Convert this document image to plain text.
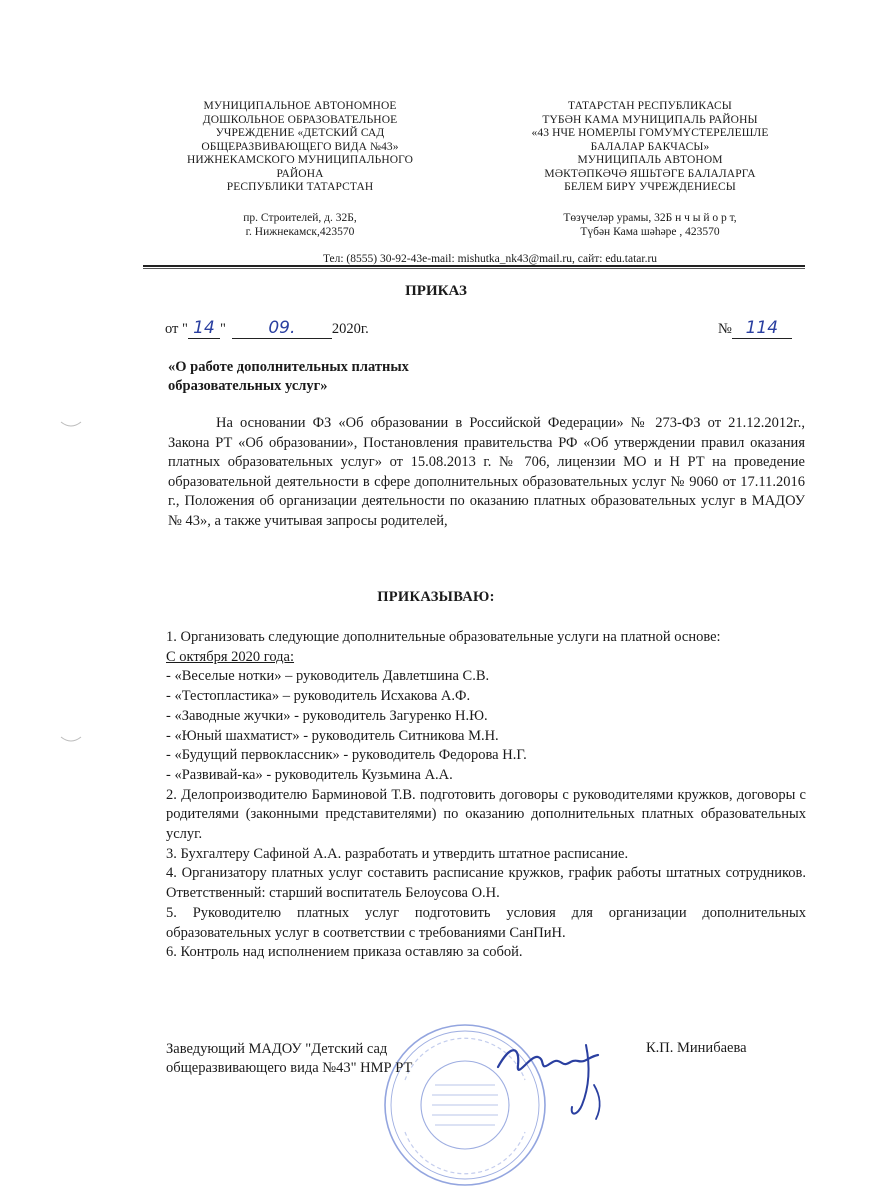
МУНИЦИПАЛЬНОЕ АВТОНОМНОЕ
ДОШКОЛЬНОЕ ОБРАЗОВАТЕЛЬНОЕ
УЧРЕЖДЕНИЕ «ДЕТСКИЙ САД
ОБЩЕРАЗВИВАЮЩЕГО ВИДА №43»
НИЖНЕКАМСКОГО МУНИЦИПАЛЬНОГО
РАЙОНА
РЕСПУБЛИКИ ТАТАРСТАН
ТАТАРСТАН РЕСПУБЛИКАСЫ
ТҮБӘН КАМА МУНИЦИПАЛЬ РАЙОНЫ
«43 НЧЕ НОМЕРЛЫ ГОМУМҮСТЕРЕЛЕШЛЕ
БАЛАЛАР БАКЧАСЫ»
МУНИЦИПАЛЬ АВТОНОМ
МӘКТӘПКӘЧӘ ЯШЬТӘГЕ БАЛАЛАРГА
БЕЛЕМ БИРҮ УЧРЕЖДЕНИЕСЫ
пр. Строителей, д. 32Б,
г. Нижнекамск,423570
Төзүчеләр урамы, 32Б н ч ы й о р т,
Түбән Кама шәһәре , 423570
Тел: (8555) 30-92-43e-mail: mishutka_nk43@mail.ru, сайт: edu.tatar.ru
ПРИКАЗ
от " 14 " 09.	2020г.	№ 114
«О работе дополнительных платных
образовательных услуг»
На основании ФЗ «Об образовании в Российской Федерации» № 273-ФЗ от 21.12.2012г., Закона РТ «Об образовании», Постановления правительства РФ «Об утверждении правил оказания платных образовательных услуг» от 15.08.2013 г. № 706, лицензии МО и Н РТ на проведение образовательной деятельности в сфере дополнительных образовательных услуг № 9060 от 17.11.2016 г., Положения об организации деятельности по оказанию платных образовательных услуг в МАДОУ № 43», а также учитывая запросы родителей,
ПРИКАЗЫВАЮ:
1. Организовать следующие дополнительные образовательные услуги на платной основе:
С октября 2020 года:
- «Веселые нотки» – руководитель Давлетшина С.В.
- «Тестопластика» – руководитель Исхакова А.Ф.
- «Заводные жучки» - руководитель Загуренко Н.Ю.
- «Юный шахматист» - руководитель Ситникова М.Н.
- «Будущий первоклассник» - руководитель Федорова Н.Г.
- «Развивай-ка» - руководитель Кузьмина А.А.
2. Делопроизводителю Барминовой Т.В. подготовить договоры с руководителями кружков, договоры с родителями (законными представителями) по оказанию дополнительных платных образовательных услуг.
3. Бухгалтеру Сафиной А.А. разработать и утвердить штатное расписание.
4. Организатору платных услуг составить расписание кружков, график работы штатных сотрудников. Ответственный: старший воспитатель Белоусова О.Н.
5. Руководителю платных услуг подготовить условия для организации дополнительных образовательных услуг в соответствии с требованиями СанПиН.
6. Контроль над исполнением приказа оставляю за собой.
Заведующий МАДОУ "Детский сад
общеразвивающего вида №43" НМР РТ
К.П. Минибаева
